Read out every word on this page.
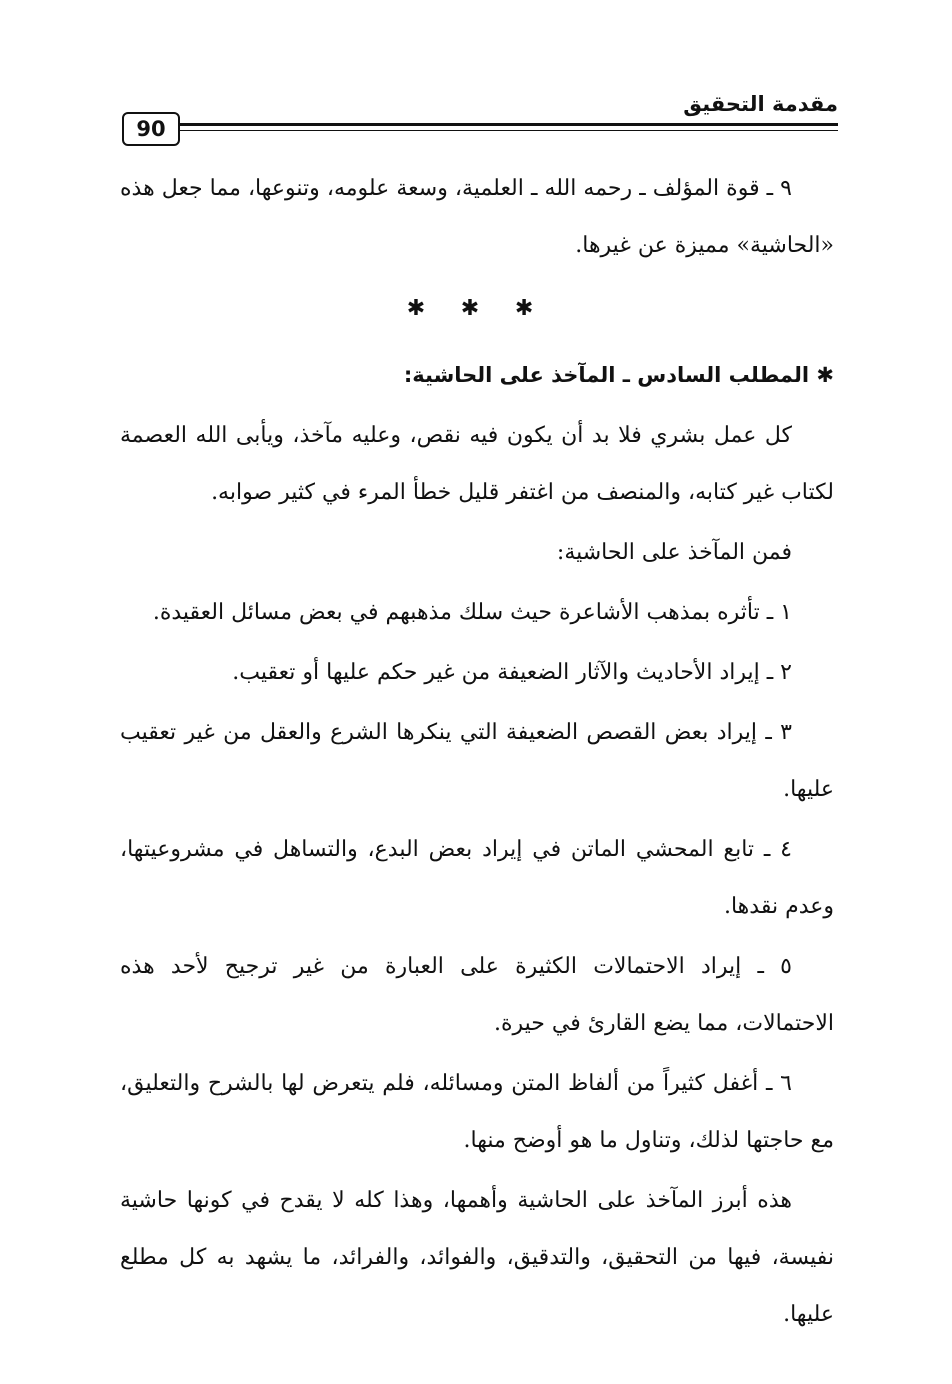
مقدمة التحقيق
90

٩ ـ قوة المؤلف ـ رحمه الله ـ العلمية، وسعة علومه، وتنوعها، مما جعل هذه «الحاشية» مميزة عن غيرها.

✱ ✱ ✱

✱ المطلب السادس ـ المآخذ على الحاشية:

كل عمل بشري فلا بد أن يكون فيه نقص، وعليه مآخذ، ويأبى الله العصمة لكتاب غير كتابه، والمنصف من اغتفر قليل خطأ المرء في كثير صوابه.

فمن المآخذ على الحاشية:

١ ـ تأثره بمذهب الأشاعرة حيث سلك مذهبهم في بعض مسائل العقيدة.

٢ ـ إيراد الأحاديث والآثار الضعيفة من غير حكم عليها أو تعقيب.

٣ ـ إيراد بعض القصص الضعيفة التي ينكرها الشرع والعقل من غير تعقيب عليها.

٤ ـ تابع المحشي الماتن في إيراد بعض البدع، والتساهل في مشروعيتها، وعدم نقدها.

٥ ـ إيراد الاحتمالات الكثيرة على العبارة من غير ترجيح لأحد هذه الاحتمالات، مما يضع القارئ في حيرة.

٦ ـ أغفل كثيراً من ألفاظ المتن ومسائله، فلم يتعرض لها بالشرح والتعليق، مع حاجتها لذلك، وتناول ما هو أوضح منها.

هذه أبرز المآخذ على الحاشية وأهمها، وهذا كله لا يقدح في كونها حاشية نفيسة، فيها من التحقيق، والتدقيق، والفوائد، والفرائد، ما يشهد به كل مطلع عليها.
